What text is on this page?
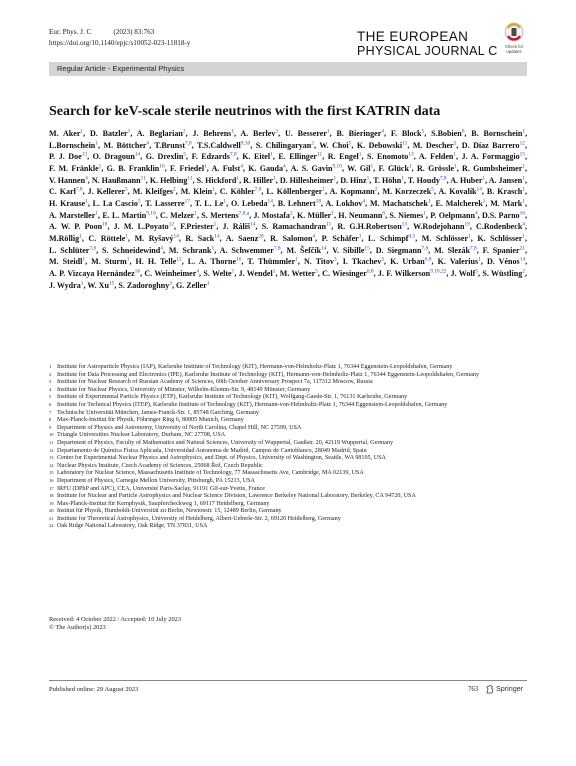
Eur. Phys. J. C	(2023) 83:763
https://doi.org/10.1140/epjc/s10052-023-11818-y	THE EUROPEAN
PHYSICAL JOURNAL C	Check for
updates
Regular Article - Experimental Physics
Search for keV-scale sterile neutrinos with the first KATRIN data
M. Aker$^1$, D. Batzler$^1$, A. Beglarian$^2$, J. Behrens$^1$, A. Berlev$^3$, U. Besserer$^1$, B. Bieringer$^4$, F. Block$^5$, S.Bobien$^6$, B. Bornschein$^1$, L.Bornschein$^1$, M. Böttcher$^4$, T.Brunst$^{7,8}$, T.S.Caldwell$^{9,10}$, S. Chilingaryan$^2$, W. Choi$^5$, K. Debowski$^{11}$, M. Descher$^5$, D. Díaz Barrero$^{12}$, P. J. Doe$^{13}$, O. Dragoun$^{14}$, G. Drexlin$^5$, F. Edzards$^{7,8}$, K. Eitel$^1$, E. Ellinger$^{11}$, R. Engel$^1$, S. Enomoto$^{13}$, A. Felden$^1$, J. A. Formaggio$^{15}$, F. M. Fränkle$^1$, G. B. Franklin$^{16}$, F. Friedel$^1$, A. Fulst$^4$, K. Gauda$^4$, A. S. Gavin$^{9,10}$, W. Gil$^1$, F. Glück$^1$, R. Grössle$^1$, R. Gumbsheimer$^1$, V. Hannen$^4$, N. Haußmann$^{11}$, K. Helbing$^{11}$, S. Hickford$^1$, R. Hiller$^1$, D. Hillesheimer$^1$, D. Hinz$^1$, T. Höhn$^1$, T. Houdy$^{7,8}$, A. Huber$^1$, A. Jansen$^1$, C. Karl$^{7,8}$, J. Kellerer$^5$, M. Kleifges$^2$, M. Klein$^1$, C. Köhler$^{7,8}$, L. Köllenberger$^1$, A. Kopmann$^2$, M. Korzeczek$^5$, A. Kovalík$^{14}$, B. Krasch$^1$, H. Krause$^1$, L. La Cascio$^5$, T. Lasserre$^{17}$, T. L. Le$^1$, O. Lebeda$^{14}$, B. Lehnert$^{18}$, A. Lokhov$^4$, M. Machatschek$^1$, E. Malcherek$^1$, M. Mark$^1$, A. Marsteller$^1$, E. L. Martin$^{9,10}$, C. Melzer$^1$, S. Mertens$^{7,8,a}$, J. Mostafa$^2$, K. Müller$^1$, H. Neumann$^6$, S. Niemes$^1$, P. Oelpmann$^4$, D.S. Parno$^{16}$, A. W. P. Poon$^{18}$, J. M. L.Poyato$^{12}$, F.Priester$^1$, J. Ráliš$^{14}$, S. Ramachandran$^{11}$, R. G.H.Robertson$^{13}$, W.Rodejohann$^{19}$, C.Rodenbeck$^4$, M.Röllig$^1$, C. Röttele$^1$, M. Ryšavý$^{14}$, R. Sack$^{14}$, A. Saenz$^{20}$, R. Salomon$^4$, P. Schäfer$^1$, L. Schimpf$^{4,5}$, M. Schlösser$^1$, K. Schlösser$^1$, L. Schlüter$^{7,8}$, S. Schneidewind$^4$, M. Schrank$^1$, A. Schwemmer$^{7,8}$, M. Šefčík$^{14}$, V. Sibille$^{15}$, D. Siegmann$^{7,8}$, M. Slezák$^{7,8}$, F. Spanier$^{21}$, M. Steidl$^1$, M. Sturm$^1$, H. H. Telle$^{12}$, L. A. Thorne$^{16}$, T. Thümmler$^1$, N. Titov$^3$, I. Tkachev$^3$, K. Urban$^{6,8}$, K. Valerius$^1$, D. Vénos$^{14}$, A. P. Vizcaya Hernández$^{16}$, C. Weinheimer$^4$, S. Welte$^1$, J. Wendel$^1$, M. Wetter$^5$, C. Wiesinger$^{6,8}$, J. F. Wilkerson$^{9,10,22}$, J. Wolf$^5$, S. Wüstling$^2$, J. Wydra$^1$, W. Xu$^{15}$, S. Zadoroghny$^3$, G. Zeller$^1$
1 Institute for Astroparticle Physics (IAP), Karlsruhe Institute of Technology (KIT), Hermann-von-Helmholtz-Platz 1, 76344 Eggenstein-Leopoldshafen, Germany
2 Institute for Data Processing and Electronics (IPE), Karlsruhe Institute of Technology (KIT), Hermann-von-Helmholtz-Platz 1, 76344 Eggenstein-Leopoldshafen, Germany
3 Institute for Nuclear Research of Russian Academy of Sciences, 60th October Anniversary Prospect 7a, 117312 Moscow, Russia
4 Institute for Nuclear Physics, University of Münster, Wilhelm-Klemm-Str. 9, 48149 Münster, Germany
5 Institute of Experimental Particle Physics (ETP), Karlsruhe Institute of Technology (KIT), Wolfgang-Gaede-Str. 1, 76131 Karlsruhe, Germany
6 Institute for Technical Physics (ITEP), Karlsruhe Institute of Technology (KIT), Hermann-von-Helmholtz-Platz 1, 76344 Eggenstein-Leopoldshafen, Germany
7 Technische Universität München, James-Franck-Str. 1, 85748 Garching, Germany
8 Max-Planck-Institut für Physik, Föhringer Ring 6, 80805 Munich, Germany
9 Department of Physics and Astronomy, University of North Carolina, Chapel Hill, NC 27599, USA
10 Triangle Universities Nuclear Laboratory, Durham, NC 27708, USA
11 Department of Physics, Faculty of Mathematics and Natural Sciences, University of Wuppertal, Gaußstr. 20, 42119 Wuppertal, Germany
12 Departamento de Química Física Aplicada, Universidad Autonoma de Madrid, Campus de Cantoblanco, 28049 Madrid, Spain
13 Center for Experimental Nuclear Physics and Astrophysics, and Dept. of Physics, University of Washington, Seattle, WA 98195, USA
14 Nuclear Physics Institute, Czech Academy of Sciences, 25068 Řež, Czech Republic
15 Laboratory for Nuclear Science, Massachusetts Institute of Technology, 77 Massachusetts Ave, Cambridge, MA 02139, USA
16 Department of Physics, Carnegie Mellon University, Pittsburgh, PA 15213, USA
17 IRFU (DPhP and APC), CEA, Université Paris-Saclay, 91191 Gif-sur-Yvette, France
18 Institute for Nuclear and Particle Astrophysics and Nuclear Science Division, Lawrence Berkeley National Laboratory, Berkeley, CA 94720, USA
19 Max-Planck-Institut für Kernphysik, Saupfercheckweg 1, 69117 Heidelberg, Germany
20 Institut für Physik, Humboldt-Universität zu Berlin, Newtonstr. 15, 12489 Berlin, Germany
21 Institute for Theoretical Astrophysics, University of Heidelberg, Albert-Ueberle-Str. 2, 69120 Heidelberg, Germany
22 Oak Ridge National Laboratory, Oak Ridge, TN 37831, USA
Received: 4 October 2022 / Accepted: 10 July 2023
© The Author(s) 2023
Published online: 29 August 2023	763	Springer
